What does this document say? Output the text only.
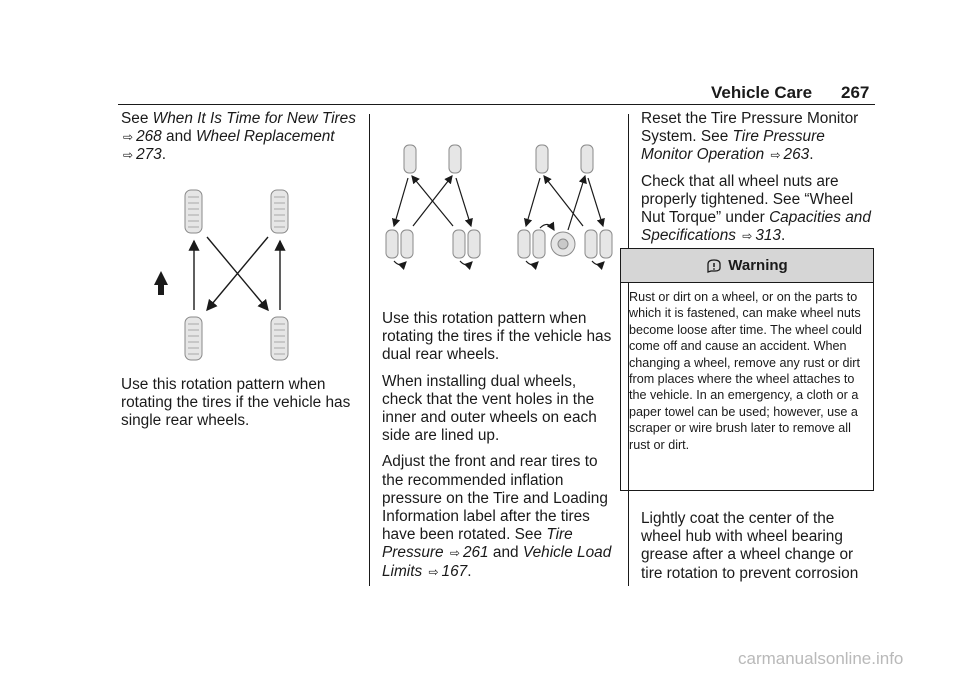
Vehicle Care 267

See When It Is Time for New Tires ⇨ 268 and Wheel Replacement ⇨ 273.

Use this rotation pattern when rotating the tires if the vehicle has single rear wheels.

Use this rotation pattern when rotating the tires if the vehicle has dual rear wheels.

When installing dual wheels, check that the vent holes in the inner and outer wheels on each side are lined up.

Adjust the front and rear tires to the recommended inflation pressure on the Tire and Loading Information label after the tires have been rotated. See Tire Pressure ⇨ 261 and Vehicle Load Limits ⇨ 167.

Reset the Tire Pressure Monitor System. See Tire Pressure Monitor Operation ⇨ 263.

Check that all wheel nuts are properly tightened. See “Wheel Nut Torque” under Capacities and Specifications ⇨ 313.

Warning
Rust or dirt on a wheel, or on the parts to which it is fastened, can make wheel nuts become loose after time. The wheel could come off and cause an accident. When changing a wheel, remove any rust or dirt from places where the wheel attaches to the vehicle. In an emergency, a cloth or a paper towel can be used; however, use a scraper or wire brush later to remove all rust or dirt.

Lightly coat the center of the wheel hub with wheel bearing grease after a wheel change or tire rotation to prevent corrosion

carmanualsonline.info
